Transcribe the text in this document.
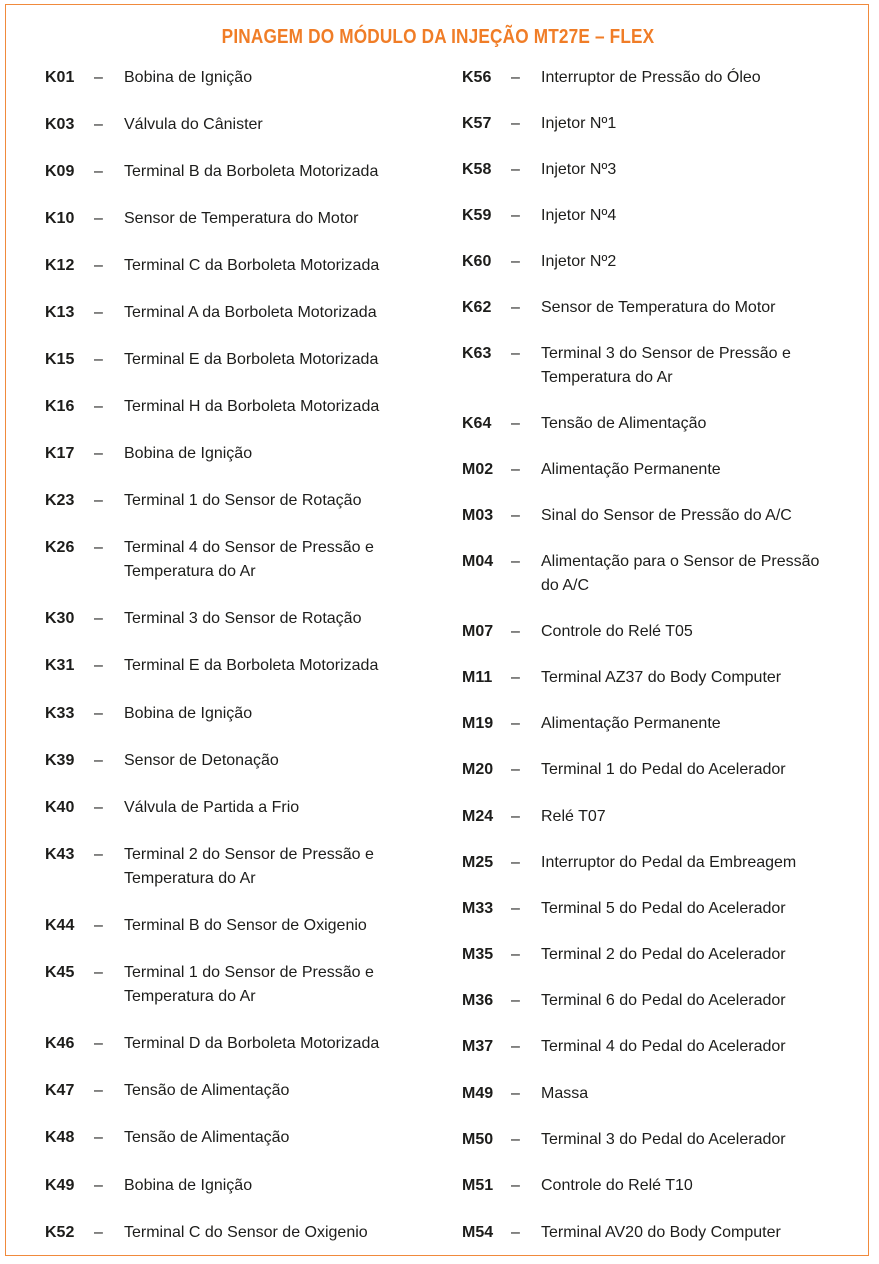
PINAGEM DO MÓDULO DA INJEÇÃO MT27E – FLEX
K01	– Bobina de Ignição
K03	– Válvula do Cânister
K09	– Terminal B da Borboleta Motorizada
K10	– Sensor de Temperatura do Motor
K12	– Terminal C da Borboleta Motorizada
K13	– Terminal A da Borboleta Motorizada
K15	– Terminal E da Borboleta Motorizada
K16	– Terminal H da Borboleta Motorizada
K17	– Bobina de Ignição
K23	– Terminal 1 do Sensor de Rotação
K26	– Terminal 4 do Sensor de Pressão e Temperatura do Ar
K30	– Terminal 3 do Sensor de Rotação
K31	– Terminal E da Borboleta Motorizada
K33	– Bobina de Ignição
K39	– Sensor de Detonação
K40	– Válvula de Partida a Frio
K43	– Terminal 2 do Sensor de Pressão e Temperatura do Ar
K44	– Terminal B do Sensor de Oxigenio
K45	– Terminal 1 do Sensor de Pressão e Temperatura do Ar
K46	– Terminal D da Borboleta Motorizada
K47	– Tensão de Alimentação
K48	– Tensão de Alimentação
K49	– Bobina de Ignição
K52	– Terminal C do Sensor de Oxigenio
K56	– Interruptor de Pressão do Óleo
K57	– Injetor Nº1
K58	– Injetor Nº3
K59	– Injetor Nº4
K60	– Injetor Nº2
K62	– Sensor de Temperatura do Motor
K63	– Terminal 3 do Sensor de Pressão e Temperatura do Ar
K64	– Tensão de Alimentação
M02	– Alimentação Permanente
M03	– Sinal do Sensor de Pressão do A/C
M04	– Alimentação para o Sensor de Pressão do A/C
M07	– Controle do Relé T05
M11	– Terminal AZ37 do Body Computer
M19	– Alimentação Permanente
M20	– Terminal 1 do Pedal do Acelerador
M24	– Relé T07
M25	– Interruptor do Pedal da Embreagem
M33	– Terminal 5 do Pedal do Acelerador
M35	– Terminal 2 do Pedal do Acelerador
M36	– Terminal 6 do Pedal do Acelerador
M37	– Terminal 4 do Pedal do Acelerador
M49	– Massa
M50	– Terminal 3 do Pedal do Acelerador
M51	– Controle do Relé T10
M54	– Terminal AV20 do Body Computer
